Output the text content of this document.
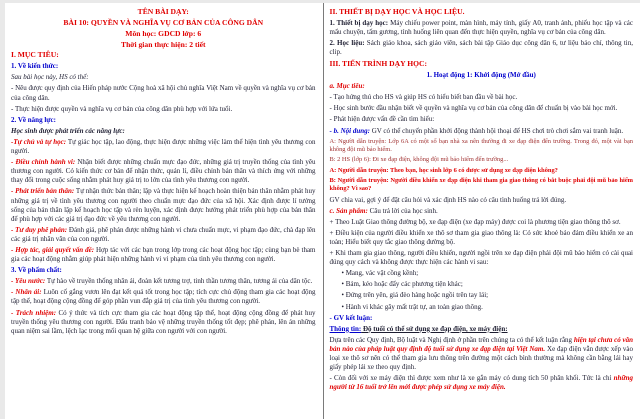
TÊN BÀI DẠY:

BÀI 10: QUYỀN VÀ NGHĨA VỤ CƠ BẢN CỦA CÔNG DÂN

Môn học: GDCD lớp: 6

Thời gian thực hiện: 2 tiết

I. MỤC TIÊU:

1. Về kiến thức:

Sau bài học này, HS có thể:

- Nêu được quy định của Hiến pháp nước Cộng hoà xã hội chủ nghĩa Việt Nam về quyền và nghĩa vụ cơ bản của công dân.

- Thực hiện được quyền và nghĩa vụ cơ bản của công dân phù hợp với lứa tuổi.

2. Về năng lực:

Học sinh được phát triển các năng lực:

-Tự chủ và tự học: Tự giác học tập, lao động, thực hiện được những việc làm thể hiện tình yêu thương con người.

- Điều chỉnh hành vi: Nhận biết được những chuẩn mực đạo đức, những giá trị truyền thống của tình yêu thương con người. Có kiến thức cơ bản để nhận thức, quản lí, điều chỉnh bản thân và thích ứng với những thay đổi trong cuộc sống nhằm phát huy giá trị to lớn của tình yêu thương con người.

- Phát triển bản thân: Tự nhận thức bản thân; lập và thực hiện kế hoạch hoàn thiện bản thân nhằm phát huy những giá trị về tình yêu thương con người theo chuẩn mực đạo đức của xã hội. Xác định được lí tưởng sống của bản thân lập kế hoạch học tập và rèn luyện, xác định được hướng phát triển phù hợp của bản thân để phù hợp với các giá trị đạo đức về yêu thương con người.

- Tư duy phê phán: Đánh giá, phê phán được những hành vi chưa chuẩn mực, vi phạm đạo đức, chà đạp lên các giá trị nhân văn của con người.

- Hợp tác, giải quyết vấn đề: Hợp tác với các bạn trong lớp trong các hoạt động học tập; cùng bạn bè tham gia các hoạt động nhằm giúp phát hiện những hành vi vi phạm của tình yêu thương con người.

3. Về phẩm chất:

- Yêu nước: Tự hào về truyền thống nhân ái, đoàn kết tương trợ, tinh thần tương thân, tương ái của dân tộc.

- Nhân ái: Luôn cố gắng vươn lên đạt kết quả tốt trong học tập; tích cực chủ động tham gia các hoạt động tập thể, hoạt động cộng đồng để góp phần vun đắp giá trị của tình yêu thương con người.

- Trách nhiệm: Có ý thức và tích cực tham gia các hoạt động tập thể, hoạt động cộng đồng để phát huy truyền thống yêu thương con người. Đấu tranh bảo vệ những truyền thống tốt đẹp; phê phán, lên án những quan niệm sai lầm, lệch lạc trong mối quan hệ giữa con người với con người.

II. THIẾT BỊ DẠY HỌC VÀ HỌC LIỆU.

1. Thiết bị dạy học: Máy chiếu power point, màn hình, máy tính, giấy A0, tranh ảnh, phiếu học tập và các mẩu chuyện, tấm gương, tình huống liên quan đến thực hiện quyền, nghĩa vụ cơ bản của công dân.

2. Học liệu: Sách giáo khoa, sách giáo viên, sách bài tập Giáo dục công dân 6, tư liệu báo chí, thông tin, clip.

III. TIẾN TRÌNH DẠY HỌC:

1. Hoạt động 1: Khởi động (Mở đầu)

a. Mục tiêu:

- Tạo hứng thú cho HS và giúp HS có hiểu biết ban đầu về bài học.

- Học sinh bước đầu nhận biết về quyền và nghĩa vụ cơ bản của công dân để chuẩn bị vào bài học mới.

- Phát hiện được vấn đề cần tìm hiểu:

- b. Nội dung: GV có thể chuyển phần khởi động thành hội thoại để HS chơi trò chơi sắm vai tranh luận.

A: Người dẫn truyện: Lớp 6A có một số bạn nhà xa nên thường đi xe đạp điện đến trường. Trong đó, một vài bạn không đội mũ bảo hiểm.

B: 2 HS (lớp 6): Đi xe đạp điện, không đội mũ bảo hiểm đến trường...

A: Người dẫn truyện: Theo bạn, học sinh lớp 6 có được sử dụng xe đạp điện không?

B: Người dẫn truyện: Người điều khiển xe đạp điện khi tham gia giao thông có bắt buộc phải đội mũ bảo hiểm không? Vì sao?

GV chia vai, gợi ý để đặt câu hỏi và xác định HS nào có câu tình huống trả lời đúng.

c. Sản phẩm: Câu trả lời của học sinh.

+ Theo Luật Giao thông đường bộ, xe đạp điện (xe đạp máy) được coi là phương tiện giao thông thô sơ.

+ Điều kiện của người điều khiển xe thô sơ tham gia giao thông là: Có sức khoẻ bảo đảm điều khiển xe an toàn; Hiểu biết quy tắc giao thông đường bộ.

+ Khi tham gia giao thông, người điều khiển, người ngồi trên xe đạp điện phải đội mũ bảo hiểm có cài quai đúng quy cách và không được thực hiện các hành vi sau:

• Mang, vác vật cồng kềnh;

• Bám, kéo hoặc đẩy các phương tiện khác;

• Đứng trên yên, giá đèo hàng hoặc ngồi trên tay lái;

• Hành vi khác gây mất trật tự, an toàn giao thông.

- GV kết luận:

Thông tin: Độ tuổi có thể sử dụng xe đạp điện, xe máy điện:

Dựa trên các Quy định, Bộ luật và Nghị định ở phần trên chúng ta có thể kết luận rằng hiện tại chưa có văn bản nào của pháp luật quy định độ tuổi sử dụng xe đạp điện tại Việt Nam. Xe đạp điện vẫn được xếp vào loại xe thô sơ nên có thể tham gia lưu thông trên đường một cách bình thường mà không cần bằng lái hay giấy phép lái xe theo quy định.

- Còn đối với xe máy điện thì được xem như là xe gắn máy có dung tích 50 phân khối. Tức là chỉ những người từ 16 tuổi trở lên mới được phép sử dụng xe máy điện.
